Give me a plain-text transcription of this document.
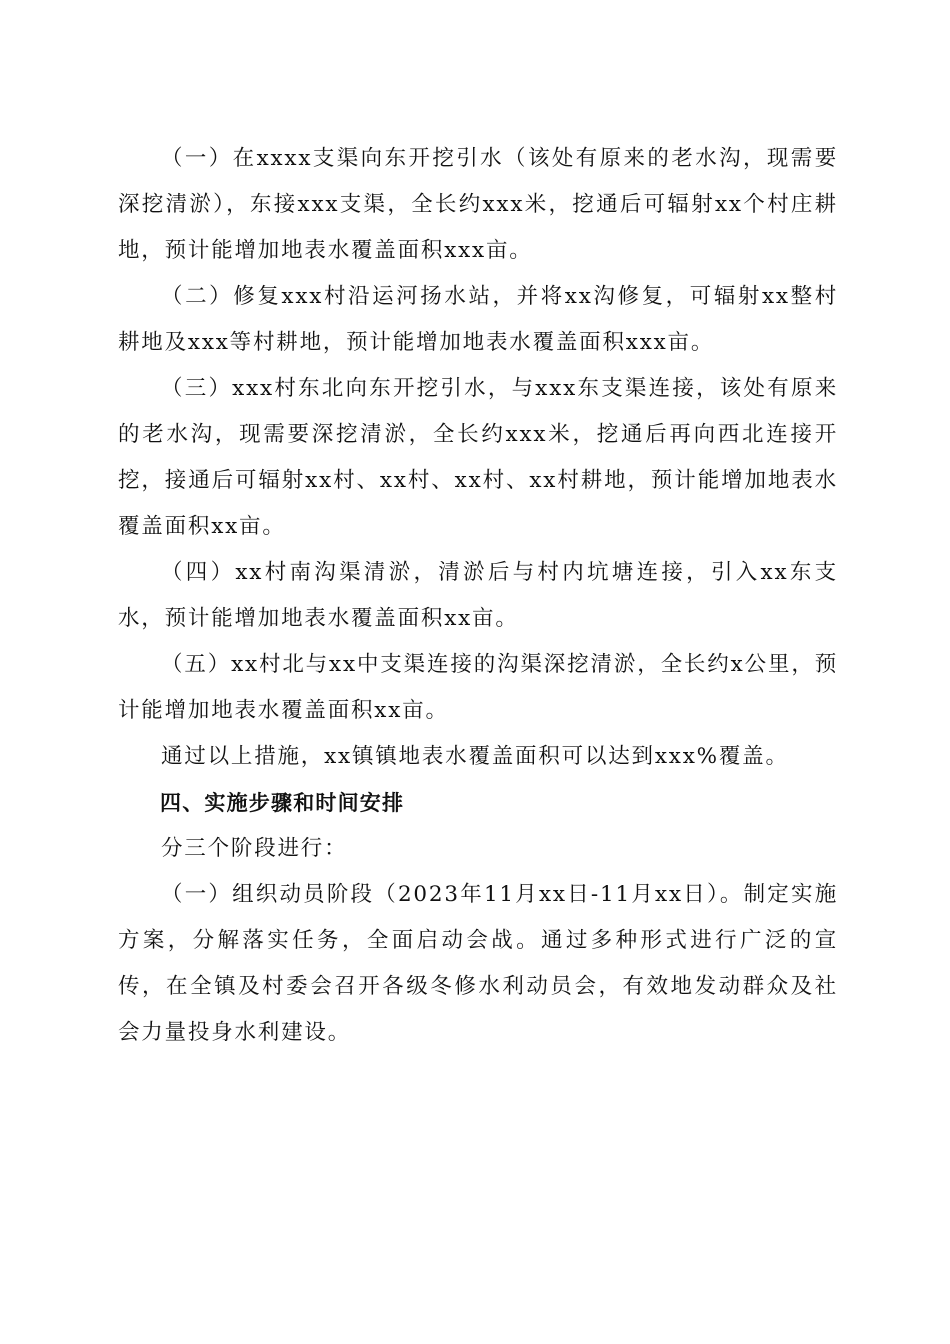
（一）在xxxx支渠向东开挖引水（该处有原来的老水沟，现需要深挖清淤），东接xxx支渠，全长约xxx米，挖通后可辐射xx个村庄耕地，预计能增加地表水覆盖面积xxx亩。

（二）修复xxx村沿运河扬水站，并将xx沟修复，可辐射xx整村耕地及xxx等村耕地，预计能增加地表水覆盖面积xxx亩。

（三）xxx村东北向东开挖引水，与xxx东支渠连接，该处有原来的老水沟，现需要深挖清淤，全长约xxx米，挖通后再向西北连接开挖，接通后可辐射xx村、xx村、xx村、xx村耕地，预计能增加地表水覆盖面积xx亩。

（四）xx村南沟渠清淤，清淤后与村内坑塘连接，引入xx东支水，预计能增加地表水覆盖面积xx亩。

（五）xx村北与xx中支渠连接的沟渠深挖清淤，全长约x公里，预计能增加地表水覆盖面积xx亩。

通过以上措施，xx镇镇地表水覆盖面积可以达到xxx%覆盖。

四、实施步骤和时间安排

分三个阶段进行：

（一）组织动员阶段（2023年11月xx日-11月xx日）。制定实施方案，分解落实任务，全面启动会战。通过多种形式进行广泛的宣传，在全镇及村委会召开各级冬修水利动员会，有效地发动群众及社会力量投身水利建设。
